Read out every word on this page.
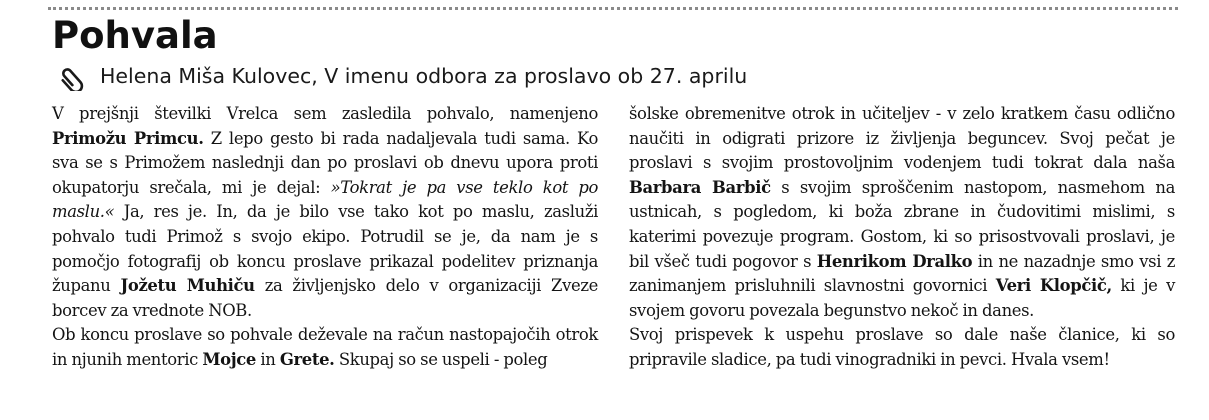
Pohvala
Helena Miša Kulovec, V imenu odbora za proslavo ob 27. aprilu

V prejšnji številki Vrelca sem zasledila pohvalo, namenjeno Primožu Primcu. Z lepo gesto bi rada nadaljevala tudi sama. Ko sva se s Primožem naslednji dan po proslavi ob dnevu upora proti okupatorju srečala, mi je dejal: »Tokrat je pa vse teklo kot po maslu.« Ja, res je. In, da je bilo vse tako kot po maslu, zasluži pohvalo tudi Primož s svojo ekipo. Potrudil se je, da nam je s pomočjo fotografij ob koncu proslave prikazal podelitev priznanja županu Jožetu Muhiču za življenjsko delo v organizaciji Zveze borcev za vrednote NOB.

Ob koncu proslave so pohvale deževale na račun nastopajočih otrok in njunih mentoric Mojce in Grete. Skupaj so se uspeli - poleg

šolske obremenitve otrok in učiteljev - v zelo kratkem času odlično naučiti in odigrati prizore iz življenja beguncev. Svoj pečat je proslavi s svojim prostovoljnim vodenjem tudi tokrat dala naša Barbara Barbič s svojim sproščenim nastopom, nasmehom na ustnicah, s pogledom, ki boža zbrane in čudovitimi mislimi, s katerimi povezuje program. Gostom, ki so prisostvovali proslavi, je bil všeč tudi pogovor s Henrikom Dralko in ne nazadnje smo vsi z zanimanjem prisluhnili slavnostni govornici Veri Klopčič, ki je v svojem govoru povezala begunstvo nekoč in danes.

Svoj prispevek k uspehu proslave so dale naše članice, ki so pripravile sladice, pa tudi vinogradniki in pevci. Hvala vsem!
